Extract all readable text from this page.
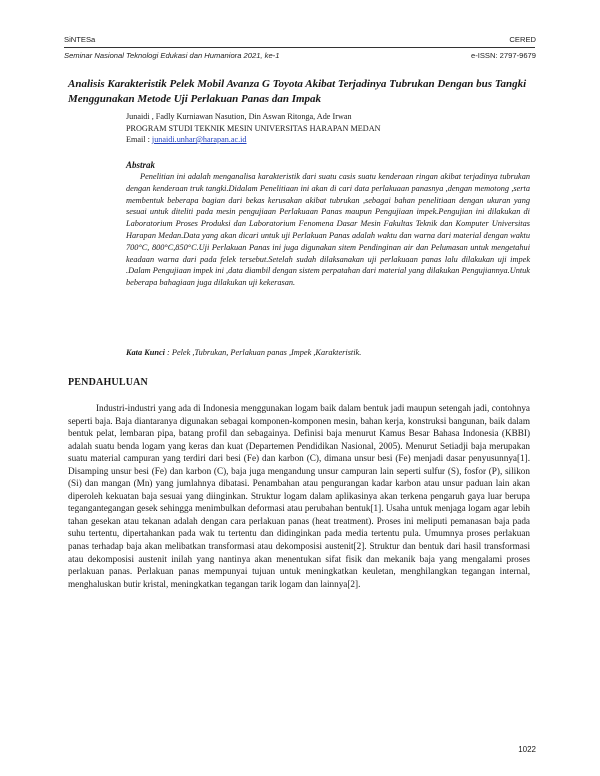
SiNTESa	CERED
Seminar Nasional Teknologi Edukasi dan Humaniora 2021, ke-1	e-ISSN: 2797-9679
Analisis Karakteristik Pelek Mobil Avanza G Toyota Akibat Terjadinya Tubrukan Dengan bus Tangki Menggunakan Metode Uji Perlakuan Panas dan Impak
Junaidi , Fadly Kurniawan Nasution, Din Aswan Ritonga, Ade Irwan
PROGRAM STUDI TEKNIK MESIN UNIVERSITAS HARAPAN MEDAN
Email : junaidi.unhar@harapan.ac.id
Abstrak

Penelitian ini adalah menganalisa karakteristik dari suatu casis suatu kenderaan ringan akibat terjadinya tubrukan dengan kenderaan truk tangki.Didalam Penelitiaan ini akan di cari data perlakuaan panasnya ,dengan memotong ,serta membentuk beberapa bagian dari bekas kerusakan akibat tubrukan ,sebagai bahan penelitiaan dengan ukuran yang sesuai untuk diteliti pada mesin pengujiaan Perlakuaan Panas maupun Pengujiaan impek.Pengujian ini dilakukan di Laboratorium Proses Produksi dan Laboratorium Fenomena Dasar Mesin Fakultas Teknik dan Komputer Universitas Harapan Medan.Data yang akan dicari untuk uji Perlakuan Panas adalah waktu dan warna dari material dengan waktu 700°C, 800°C,850°C.Uji Perlakuan Panas ini juga digunakan sitem Pendinginan air dan Pelumasan untuk mengetahui keadaan warna dari pada felek tersebut.Setelah sudah dilaksanakan uji perlakuaan panas lalu dilakukan uji impek .Dalam Pengujiaan impek ini ,data diambil dengan sistem perpatahan dari material yang dilakukan Pengujiannya.Untuk beberapa bahagiaan juga dilakukan uji kekerasan.

Kata Kunci : Pelek ,Tubrukan, Perlakuan panas ,Impek ,Karakteristik.
PENDAHULUAN

Industri-industri yang ada di Indonesia menggunakan logam baik dalam bentuk jadi maupun setengah jadi, contohnya seperti baja. Baja diantaranya digunakan sebagai komponen-komponen mesin, bahan kerja, konstruksi bangunan, baik dalam bentuk pelat, lembaran pipa, batang profil dan sebagainya. Definisi baja menurut Kamus Besar Bahasa Indonesia (KBBI) adalah suatu benda logam yang keras dan kuat (Departemen Pendidikan Nasional, 2005). Menurut Setiadji baja merupakan suatu material campuran yang terdiri dari besi (Fe) dan karbon (C), dimana unsur besi (Fe) menjadi dasar penyusunnya[1]. Disamping unsur besi (Fe) dan karbon (C), baja juga mengandung unsur campuran lain seperti sulfur (S), fosfor (P), silikon (Si) dan mangan (Mn) yang jumlahnya dibatasi. Penambahan atau pengurangan kadar karbon atau unsur paduan lain akan diperoleh kekuatan baja sesuai yang diinginkan. Struktur logam dalam aplikasinya akan terkena pengaruh gaya luar berupa tegangantegangan gesek sehingga menimbulkan deformasi atau perubahan bentuk[1]. Usaha untuk menjaga logam agar lebih tahan gesekan atau tekanan adalah dengan cara perlakuan panas (heat treatment). Proses ini meliputi pemanasan baja pada suhu tertentu, dipertahankan pada wak tu tertentu dan didinginkan pada media tertentu pula. Umumnya proses perlakuan panas terhadap baja akan melibatkan transformasi atau dekomposisi austenit[2]. Struktur dan bentuk dari hasil transformasi atau dekomposisi austenit inilah yang nantinya akan menentukan sifat fisik dan mekanik baja yang mengalami proses perlakuan panas. Perlakuan panas mempunyai tujuan untuk meningkatkan keuletan, menghilangkan tegangan internal, menghaluskan butir kristal, meningkatkan tegangan tarik logam dan lainnya[2].

1022
